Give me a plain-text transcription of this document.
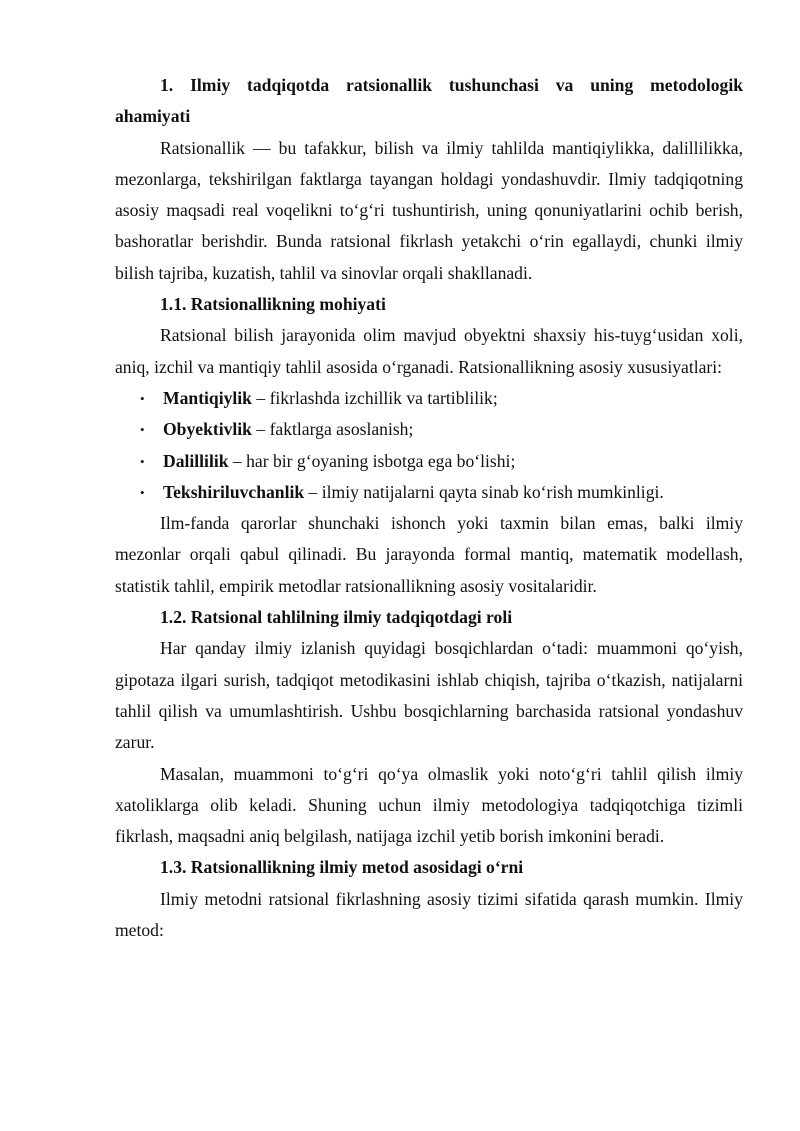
1. Ilmiy tadqiqotda ratsionallik tushunchasi va uning metodologik ahamiyati

Ratsionallik — bu tafakkur, bilish va ilmiy tahlilda mantiqiylikka, dalillilikka, mezonlarga, tekshirilgan faktlarga tayangan holdagi yondashuvdir. Ilmiy tadqiqotning asosiy maqsadi real voqelikni to‘g‘ri tushuntirish, uning qonuniyatlarini ochib berish, bashoratlar berishdir. Bunda ratsional fikrlash yetakchi o‘rin egallaydi, chunki ilmiy bilish tajriba, kuzatish, tahlil va sinovlar orqali shakllanadi.

1.1. Ratsionallikning mohiyati

Ratsional bilish jarayonida olim mavjud obyektni shaxsiy his-tuyg‘usidan xoli, aniq, izchil va mantiqiy tahlil asosida o‘rganadi. Ratsionallikning asosiy xususiyatlari:

• Mantiqiylik – fikrlashda izchillik va tartiblilik;
• Obyektivlik – faktlarga asoslanish;
• Dalillilik – har bir g‘oyaning isbotga ega bo‘lishi;
• Tekshiriluvchanlik – ilmiy natijalarni qayta sinab ko‘rish mumkinligi.

Ilm-fanda qarorlar shunchaki ishonch yoki taxmin bilan emas, balki ilmiy mezonlar orqali qabul qilinadi. Bu jarayonda formal mantiq, matematik modellash, statistik tahlil, empirik metodlar ratsionallikning asosiy vositalaridir.

1.2. Ratsional tahlilning ilmiy tadqiqotdagi roli

Har qanday ilmiy izlanish quyidagi bosqichlardan o‘tadi: muammoni qo‘yish, gipotaza ilgari surish, tadqiqot metodikasini ishlab chiqish, tajriba o‘tkazish, natijalarni tahlil qilish va umumlashtirish. Ushbu bosqichlarning barchasida ratsional yondashuv zarur.

Masalan, muammoni to‘g‘ri qo‘ya olmaslik yoki noto‘g‘ri tahlil qilish ilmiy xatoliklarga olib keladi. Shuning uchun ilmiy metodologiya tadqiqotchiga tizimli fikrlash, maqsadni aniq belgilash, natijaga izchil yetib borish imkonini beradi.

1.3. Ratsionallikning ilmiy metod asosidagi o‘rni

Ilmiy metodni ratsional fikrlashning asosiy tizimi sifatida qarash mumkin. Ilmiy metod:
